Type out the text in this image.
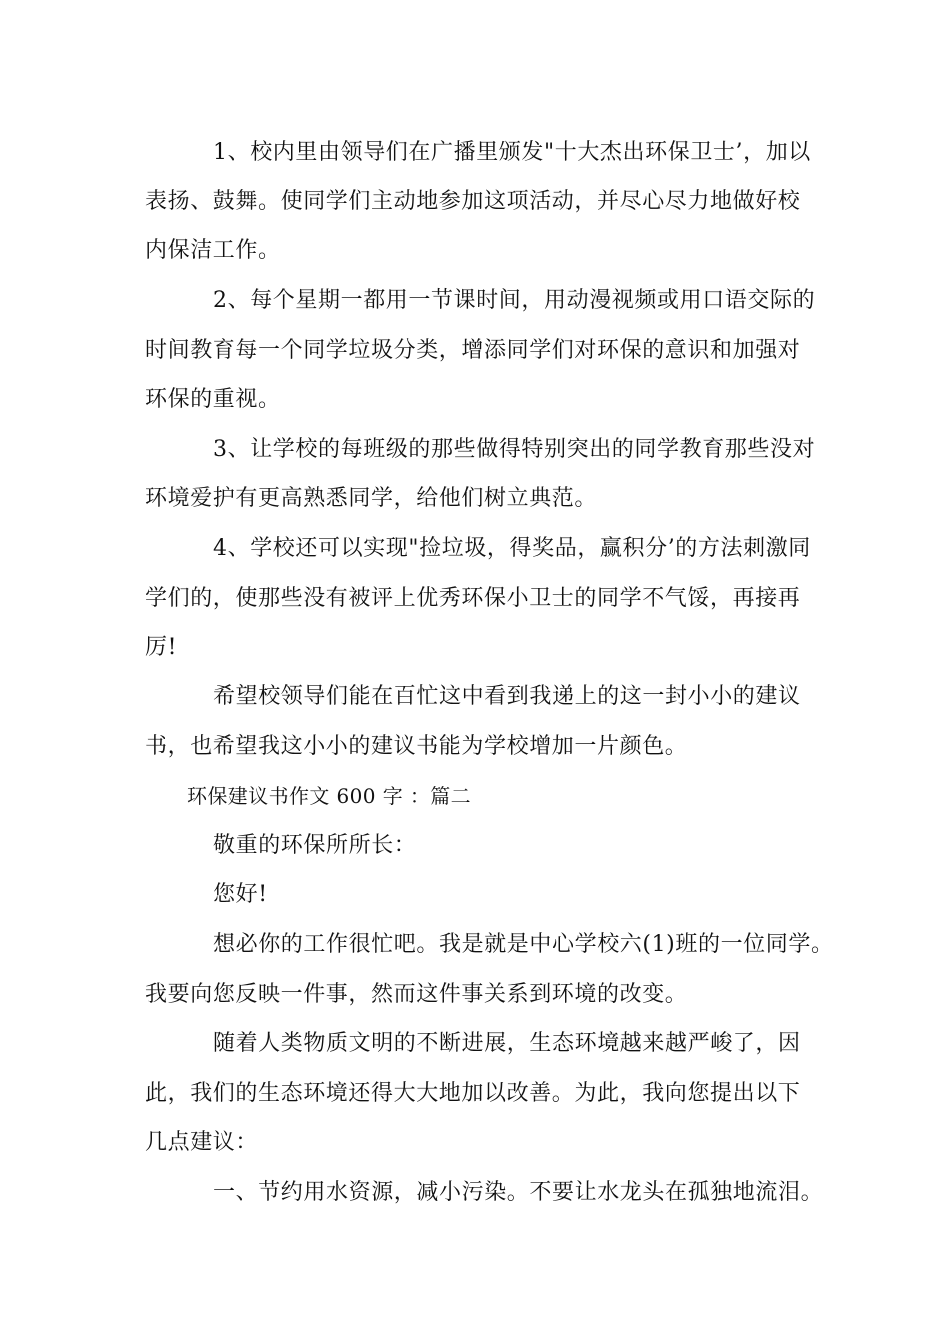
1、校内里由领导们在广播里颁发"十大杰出环保卫士’，加以
表扬、鼓舞。使同学们主动地参加这项活动，并尽心尽力地做好校
内保洁工作。
2、每个星期一都用一节课时间，用动漫视频或用口语交际的
时间教育每一个同学垃圾分类，增添同学们对环保的意识和加强对
环保的重视。
3、让学校的每班级的那些做得特别突出的同学教育那些没对
环境爱护有更高熟悉同学，给他们树立典范。
4、学校还可以实现"捡垃圾，得奖品，赢积分’的方法刺激同
学们的，使那些没有被评上优秀环保小卫士的同学不气馁，再接再
厉!
希望校领导们能在百忙这中看到我递上的这一封小小的建议
书，也希望我这小小的建议书能为学校增加一片颜色。
环保建议书作文 600 字 ：篇二
敬重的环保所所长：
您好!
想必你的工作很忙吧。我是就是中心学校六(1)班的一位同学。
我要向您反映一件事，然而这件事关系到环境的改变。
随着人类物质文明的不断进展，生态环境越来越严峻了，因
此，我们的生态环境还得大大地加以改善。为此，我向您提出以下
几点建议：
一、节约用水资源，减小污染。不要让水龙头在孤独地流泪。
